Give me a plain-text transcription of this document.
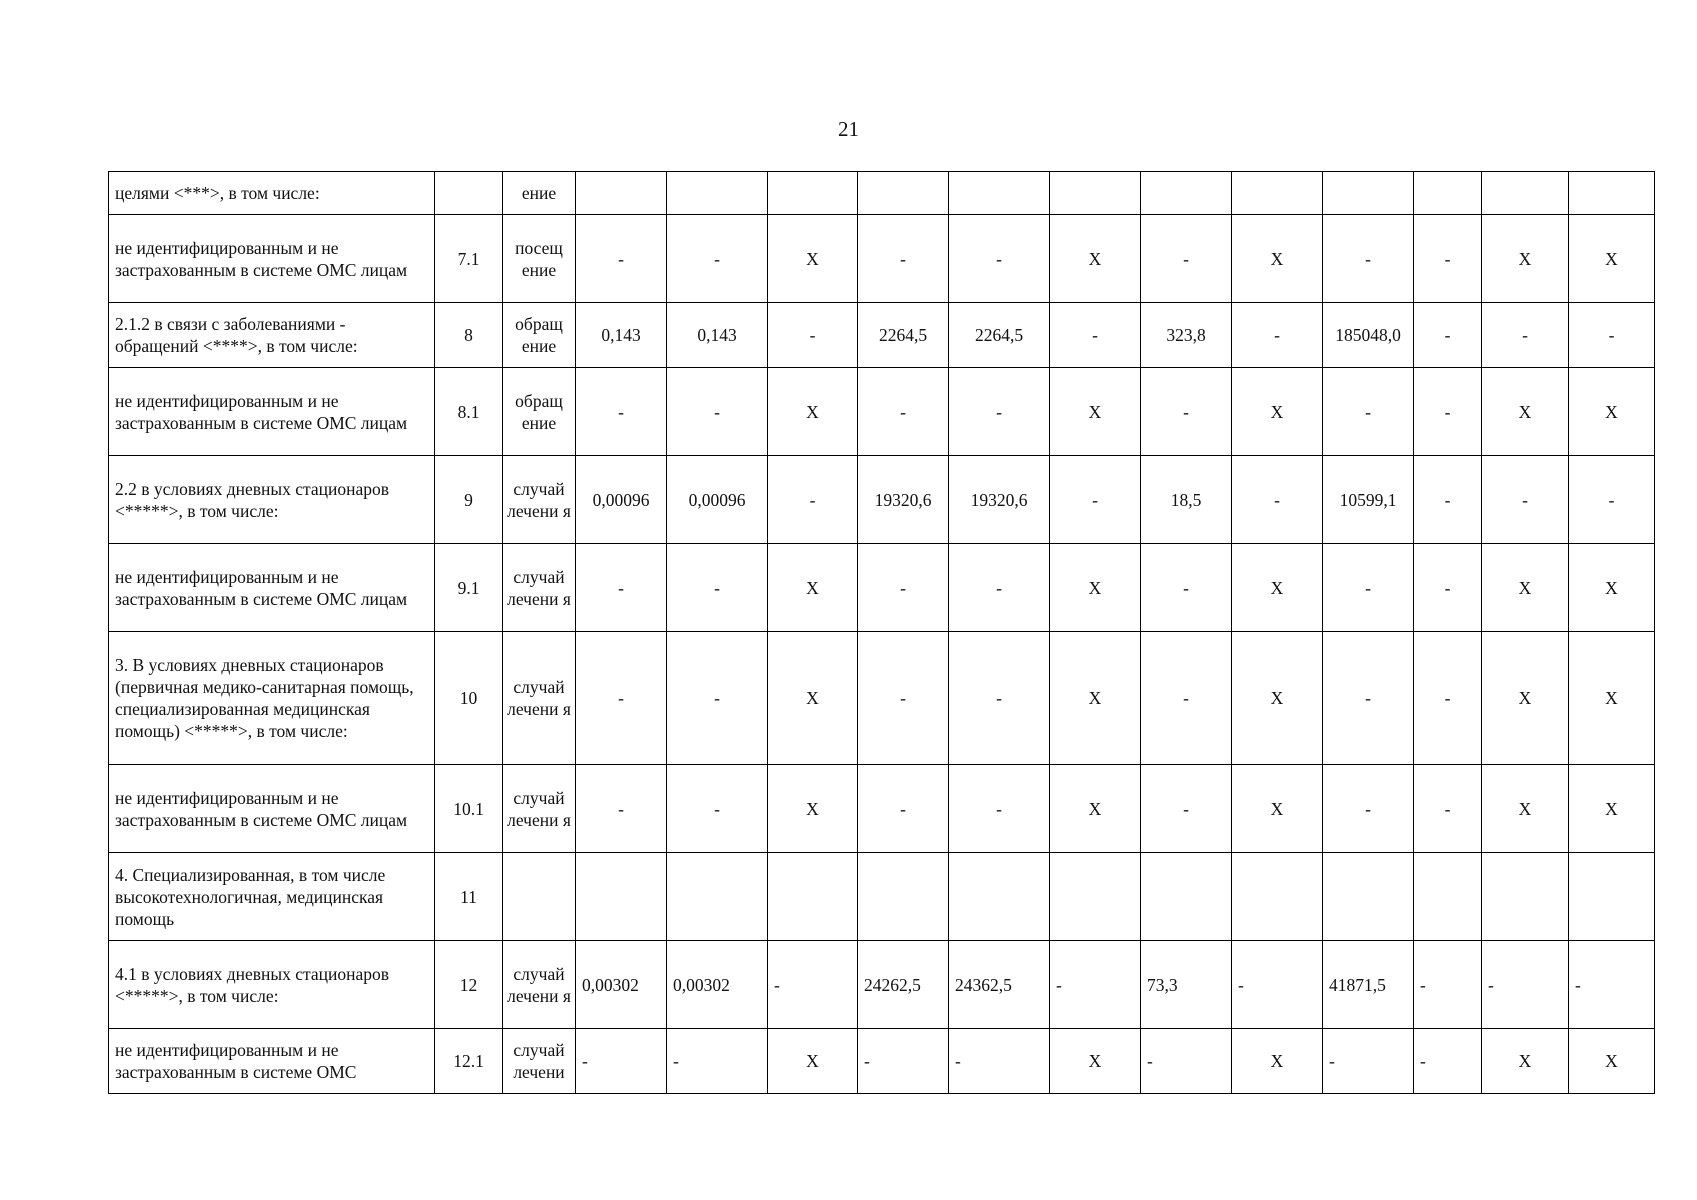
21
целями <***>, в том числе:		ение												
не идентифицированным и не застрахованным в системе ОМС лицам	7.1	посещ ение	-	-	X	-	-	X	-	X	-	-	X	X
2.1.2 в связи с заболеваниями - обращений <****>, в том числе:	8	обращ ение	0,143	0,143	-	2264,5	2264,5	-	323,8	-	185048,0	-	-	-
не идентифицированным и не застрахованным в системе ОМС лицам	8.1	обращ ение	-	-	X	-	-	X	-	X	-	-	X	X
2.2 в условиях дневных стационаров <*****>, в том числе:	9	случай лечени я	0,00096	0,00096	-	19320,6	19320,6	-	18,5	-	10599,1	-	-	-
не идентифицированным и не застрахованным в системе ОМС лицам	9.1	случай лечени я	-	-	X	-	-	X	-	X	-	-	X	X
3. В условиях дневных стационаров (первичная медико-санитарная помощь, специализированная медицинская помощь) <*****>, в том числе:	10	случай лечени я	-	-	X	-	-	X	-	X	-	-	X	X
не идентифицированным и не застрахованным в системе ОМС лицам	10.1	случай лечени я	-	-	X	-	-	X	-	X	-	-	X	X
4. Специализированная, в том числе высокотехнологичная, медицинская помощь	11													
4.1 в условиях дневных стационаров <*****>, в том числе:	12	случай лечени я	0,00302	0,00302	-	24262,5	24362,5	-	73,3	-	41871,5	-	-	-
не идентифицированным и не застрахованным в системе ОМС	12.1	случай лечени	-	-	X	-	-	X	-	X	-	-	X	X
